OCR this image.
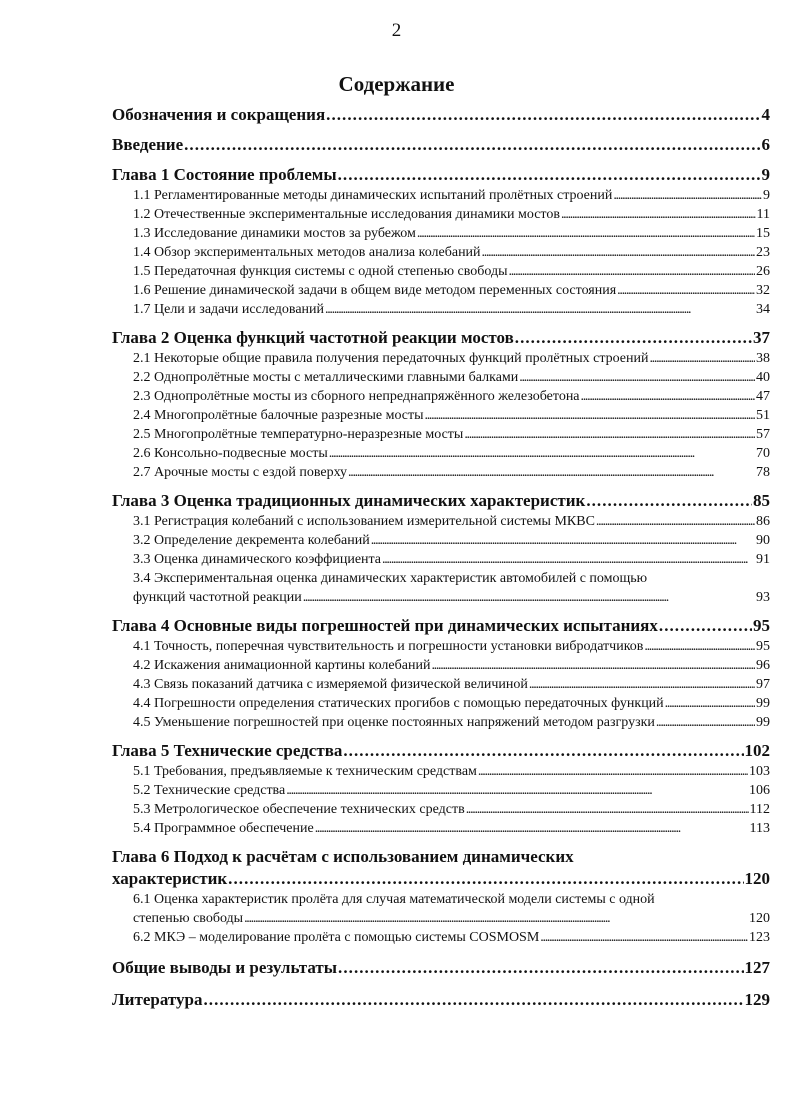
2
Содержание
Обозначения и сокращения . . .	4
Введение . . .	6
Глава 1 Состояние проблемы . . .	9
1.1 Регламентированные методы динамических испытаний пролётных строений . . .	9
1.2 Отечественные экспериментальные исследования динамики мостов . . .	11
1.3 Исследование динамики мостов за рубежом . . .	15
1.4 Обзор экспериментальных методов анализа колебаний . . .	23
1.5 Передаточная функция системы с одной степенью свободы . . .	26
1.6 Решение динамической задачи в общем виде методом переменных состояния . . .	32
1.7 Цели и задачи исследований . . .	34
Глава 2 Оценка функций частотной реакции мостов . . .	37
2.1 Некоторые общие правила получения передаточных функций пролётных строений . . .	38
2.2 Однопролётные мосты с металлическими главными балками . . .	40
2.3 Однопролётные мосты из сборного непреднапряжённого железобетона . . .	47
2.4 Многопролётные балочные разрезные мосты . . .	51
2.5 Многопролётные температурно-неразрезные мосты . . .	57
2.6 Консольно-подвесные мосты . . .	70
2.7 Арочные мосты с ездой поверху . . .	78
Глава 3 Оценка традиционных динамических характеристик . . .	85
3.1 Регистрация колебаний с использованием измерительной системы МКВС . . .	86
3.2 Определение декремента колебаний . . .	90
3.3 Оценка динамического коэффициента . . .	91
3.4 Экспериментальная оценка динамических характеристик автомобилей с помощью
функций частотной реакции . . .	93
Глава 4 Основные виды погрешностей при динамических испытаниях . . .	95
4.1 Точность, поперечная чувствительность и погрешности установки вибродатчиков . . .	95
4.2 Искажения анимационной картины колебаний . . .	96
4.3 Связь показаний датчика с измеряемой физической величиной . . .	97
4.4 Погрешности определения статических прогибов с помощью передаточных функций . . .	99
4.5 Уменьшение погрешностей при оценке постоянных напряжений методом разгрузки . . .	99
Глава 5 Технические средства . . .	102
5.1 Требования, предъявляемые к техническим средствам . . .	103
5.2 Технические средства . . .	106
5.3 Метрологическое обеспечение технических средств . . .	112
5.4 Программное обеспечение . . .	113
Глава 6 Подход к расчётам с использованием динамических
характеристик . . .	120
6.1 Оценка характеристик пролёта для случая математической модели системы с одной
степенью свободы . . .	120
6.2 МКЭ – моделирование пролёта с помощью системы COSMOSM . . .	123
Общие выводы и результаты . . .	127
Литература . . .	129
